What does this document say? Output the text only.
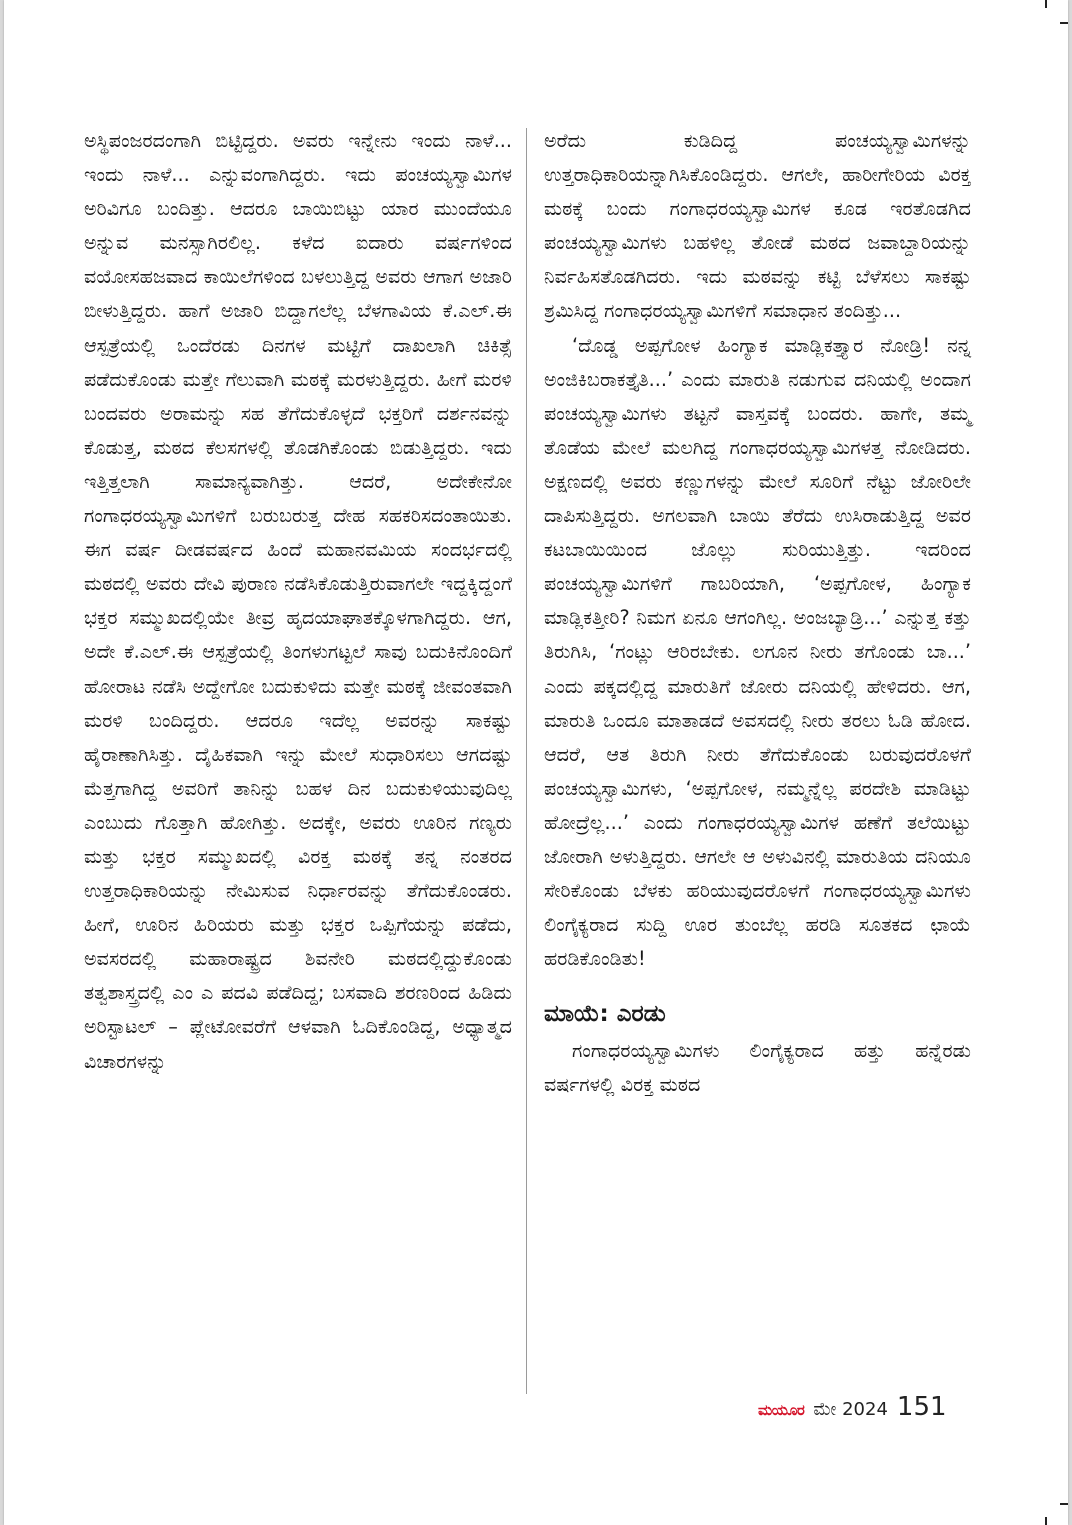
ಅಸ್ಥಿಪಂಜರದಂಗಾಗಿ ಬಿಟ್ಟಿದ್ದರು. ಅವರು ಇನ್ನೇನು ಇಂದು ನಾಳೆ... ಇಂದು ನಾಳೆ... ಎನ್ನುವಂಗಾಗಿದ್ದರು. ಇದು ಪಂಚಯ್ಯಸ್ವಾಮಿಗಳ ಅರಿವಿಗೂ ಬಂದಿತ್ತು. ಆದರೂ ಬಾಯಿಬಿಟ್ಟು ಯಾರ ಮುಂದೆಯೂ ಅನ್ನುವ ಮನಸ್ಸಾಗಿರಲಿಲ್ಲ. ಕಳೆದ ಐದಾರು ವರ್ಷಗಳಿಂದ ವಯೋಸಹಜವಾದ ಕಾಯಿಲೆಗಳಿಂದ ಬಳಲುತ್ತಿದ್ದ ಅವರು ಆಗಾಗ ಅಜಾರಿ ಬೀಳುತ್ತಿದ್ದರು. ಹಾಗೆ ಅಜಾರಿ ಬಿದ್ದಾಗಲೆಲ್ಲ ಬೆಳಗಾವಿಯ ಕೆ.ಎಲ್.ಈ ಆಸ್ಪತ್ರೆಯಲ್ಲಿ ಒಂದೆರಡು ದಿನಗಳ ಮಟ್ಟಿಗೆ ದಾಖಲಾಗಿ ಚಿಕಿತ್ಸೆ ಪಡೆದುಕೊಂಡು ಮತ್ತೇ ಗೆಲುವಾಗಿ ಮಠಕ್ಕೆ ಮರಳುತ್ತಿದ್ದರು. ಹೀಗೆ ಮರಳಿ ಬಂದವರು ಅರಾಮನ್ನು ಸಹ ತೆಗೆದುಕೊಳ್ಳದೆ ಭಕ್ತರಿಗೆ ದರ್ಶನವನ್ನು ಕೊಡುತ್ತ, ಮಠದ ಕೆಲಸಗಳಲ್ಲಿ ತೊಡಗಿಕೊಂಡು ಬಿಡುತ್ತಿದ್ದರು. ಇದು ಇತ್ತಿತ್ತಲಾಗಿ ಸಾಮಾನ್ಯವಾಗಿತ್ತು. ಆದರೆ, ಅದೇಕೇನೋ ಗಂಗಾಧರಯ್ಯಸ್ವಾಮಿಗಳಿಗೆ ಬರುಬರುತ್ತ ದೇಹ ಸಹಕರಿಸದಂತಾಯಿತು. ಈಗ ವರ್ಷ ದೀಡವರ್ಷದ ಹಿಂದೆ ಮಹಾನವಮಿಯ ಸಂದರ್ಭದಲ್ಲಿ ಮಠದಲ್ಲಿ ಅವರು ದೇವಿ ಪುರಾಣ ನಡೆಸಿಕೊಡುತ್ತಿರುವಾಗಲೇ ಇದ್ದಕ್ಕಿದ್ದಂಗೆ ಭಕ್ತರ ಸಮ್ಮುಖದಲ್ಲಿಯೇ ತೀವ್ರ ಹೃದಯಾಘಾತಕ್ಕೊಳಗಾಗಿದ್ದರು. ಆಗ, ಅದೇ ಕೆ.ಎಲ್.ಈ ಆಸ್ಪತ್ರೆಯಲ್ಲಿ ತಿಂಗಳುಗಟ್ಟಲೆ ಸಾವು ಬದುಕಿನೊಂದಿಗೆ ಹೋರಾಟ ನಡೆಸಿ ಅದ್ದೇಗೋ ಬದುಕುಳಿದು ಮತ್ತೇ ಮಠಕ್ಕೆ ಜೀವಂತವಾಗಿ ಮರಳಿ ಬಂದಿದ್ದರು. ಆದರೂ ಇದೆಲ್ಲ ಅವರನ್ನು ಸಾಕಷ್ಟು ಹೈರಾಣಾಗಿಸಿತ್ತು. ದೈಹಿಕವಾಗಿ ಇನ್ನು ಮೇಲೆ ಸುಧಾರಿಸಲು ಆಗದಷ್ಟು ಮೆತ್ತಗಾಗಿದ್ದ ಅವರಿಗೆ ತಾನಿನ್ನು ಬಹಳ ದಿನ ಬದುಕುಳಿಯುವುದಿಲ್ಲ ಎಂಬುದು ಗೊತ್ತಾಗಿ ಹೋಗಿತ್ತು. ಅದಕ್ಕೇ, ಅವರು ಊರಿನ ಗಣ್ಯರು ಮತ್ತು ಭಕ್ತರ ಸಮ್ಮುಖದಲ್ಲಿ ವಿರಕ್ತ ಮಠಕ್ಕೆ ತನ್ನ ನಂತರದ ಉತ್ತರಾಧಿಕಾರಿಯನ್ನು ನೇಮಿಸುವ ನಿರ್ಧಾರವನ್ನು ತೆಗೆದುಕೊಂಡರು. ಹೀಗೆ, ಊರಿನ ಹಿರಿಯರು ಮತ್ತು ಭಕ್ತರ ಒಪ್ಪಿಗೆಯನ್ನು ಪಡೆದು, ಅವಸರದಲ್ಲಿ ಮಹಾರಾಷ್ಟ್ರದ ಶಿವನೇರಿ ಮಠದಲ್ಲಿದ್ದುಕೊಂಡು ತತ್ವಶಾಸ್ತ್ರದಲ್ಲಿ ಎಂ ಎ ಪದವಿ ಪಡೆದಿದ್ದ; ಬಸವಾದಿ ಶರಣರಿಂದ ಹಿಡಿದು ಅರಿಸ್ಟಾಟಲ್ – ಪ್ಲೇಟೋವರೆಗೆ ಆಳವಾಗಿ ಓದಿಕೊಂಡಿದ್ದ, ಅಧ್ಯಾತ್ಮದ ವಿಚಾರಗಳನ್ನು

ಅರೆದು ಕುಡಿದಿದ್ದ ಪಂಚಯ್ಯಸ್ವಾಮಿಗಳನ್ನು ಉತ್ತರಾಧಿಕಾರಿಯನ್ನಾಗಿಸಿಕೊಂಡಿದ್ದರು. ಆಗಲೇ, ಹಾರೀಗೇರಿಯ ವಿರಕ್ತ ಮಠಕ್ಕೆ ಬಂದು ಗಂಗಾಧರಯ್ಯಸ್ವಾಮಿಗಳ ಕೂಡ ಇರತೊಡಗಿದ ಪಂಚಯ್ಯಸ್ವಾಮಿಗಳು ಬಹಳಿಲ್ಲ ತೋಡೆ ಮಠದ ಜವಾಬ್ದಾರಿಯನ್ನು ನಿರ್ವಹಿಸತೊಡಗಿದರು. ಇದು ಮಠವನ್ನು ಕಟ್ಟಿ ಬೆಳೆಸಲು ಸಾಕಷ್ಟು ಶ್ರಮಿಸಿದ್ದ ಗಂಗಾಧರಯ್ಯಸ್ವಾಮಿಗಳಿಗೆ ಸಮಾಧಾನ ತಂದಿತ್ತು...

‘ದೊಡ್ಡ ಅಪ್ಪಗೋಳ ಹಿಂಗ್ಯಾಕ ಮಾಡ್ಲಿಕತ್ತ್ಯಾರ ನೋಡ್ರಿ! ನನ್ನ ಅಂಜಿಕಿಬರಾಕತ್ತೈತಿ...’ ಎಂದು ಮಾರುತಿ ನಡುಗುವ ದನಿಯಲ್ಲಿ ಅಂದಾಗ ಪಂಚಯ್ಯಸ್ವಾಮಿಗಳು ತಟ್ಟನೆ ವಾಸ್ತವಕ್ಕೆ ಬಂದರು. ಹಾಗೇ, ತಮ್ಮ ತೊಡೆಯ ಮೇಲೆ ಮಲಗಿದ್ದ ಗಂಗಾಧರಯ್ಯಸ್ವಾಮಿಗಳತ್ತ ನೋಡಿದರು. ಅಕ್ಷಣದಲ್ಲಿ ಅವರು ಕಣ್ಣುಗಳನ್ನು ಮೇಲೆ ಸೂರಿಗೆ ನೆಟ್ಟು ಜೋರಿಲೇ ದಾಪಿಸುತ್ತಿದ್ದರು. ಅಗಲವಾಗಿ ಬಾಯಿ ತೆರೆದು ಉಸಿರಾಡುತ್ತಿದ್ದ ಅವರ ಕಟಬಾಯಿಯಿಂದ ಜೊಲ್ಲು ಸುರಿಯುತ್ತಿತ್ತು. ಇದರಿಂದ ಪಂಚಯ್ಯಸ್ವಾಮಿಗಳಿಗೆ ಗಾಬರಿಯಾಗಿ, ‘ಅಪ್ಪಗೋಳ, ಹಿಂಗ್ಯಾಕ ಮಾಡ್ಲಿಕತ್ತೀರಿ? ನಿಮಗ ಏನೂ ಆಗಂಗಿಲ್ಲ. ಅಂಜಬ್ಯಾಡ್ರಿ...’ ಎನ್ನುತ್ತ ಕತ್ತು ತಿರುಗಿಸಿ, ‘ಗಂಟ್ಲು ಆರಿರಬೇಕು. ಲಗೂನ ನೀರು ತಗೊಂಡು ಬಾ...’ ಎಂದು ಪಕ್ಕದಲ್ಲಿದ್ದ ಮಾರುತಿಗೆ ಜೋರು ದನಿಯಲ್ಲಿ ಹೇಳಿದರು. ಆಗ, ಮಾರುತಿ ಒಂದೂ ಮಾತಾಡದೆ ಅವಸದಲ್ಲಿ ನೀರು ತರಲು ಓಡಿ ಹೋದ. ಆದರೆ, ಆತ ತಿರುಗಿ ನೀರು ತೆಗೆದುಕೊಂಡು ಬರುವುದರೊಳಗೆ ಪಂಚಯ್ಯಸ್ವಾಮಿಗಳು, ‘ಅಪ್ಪಗೋಳ, ನಮ್ಮನ್ನೆಲ್ಲ ಪರದೇಶಿ ಮಾಡಿಟ್ಟು ಹೋದ್ರೆಲ್ಲ...’ ಎಂದು ಗಂಗಾಧರಯ್ಯಸ್ವಾಮಿಗಳ ಹಣೆಗೆ ತಲೆಯಿಟ್ಟು ಜೋರಾಗಿ ಅಳುತ್ತಿದ್ದರು. ಆಗಲೇ ಆ ಅಳುವಿನಲ್ಲಿ ಮಾರುತಿಯ ದನಿಯೂ ಸೇರಿಕೊಂಡು ಬೆಳಕು ಹರಿಯುವುದರೊಳಗೆ ಗಂಗಾಧರಯ್ಯಸ್ವಾಮಿಗಳು ಲಿಂಗೈಕ್ಯರಾದ ಸುದ್ದಿ ಊರ ತುಂಬೆಲ್ಲ ಹರಡಿ ಸೂತಕದ ಛಾಯೆ ಹರಡಿಕೊಂಡಿತು!

ಮಾಯೆ: ಎರಡು

ಗಂಗಾಧರಯ್ಯಸ್ವಾಮಿಗಳು ಲಿಂಗೈಕ್ಯರಾದ ಹತ್ತು ಹನ್ನೆರಡು ವರ್ಷಗಳಲ್ಲಿ ವಿರಕ್ತ ಮಠದ

ಮಯೂರ ಮೇ 2024 151
